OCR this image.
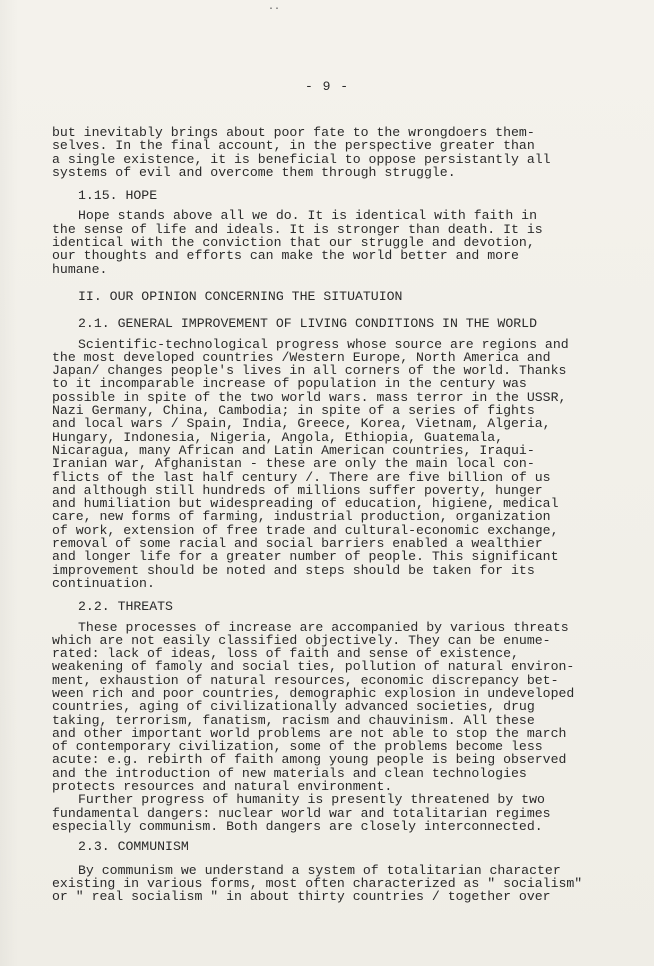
..
- 9 -
but inevitably brings about poor fate to the wrongdoers them-
selves. In the final account, in the perspective greater than
a single existence, it is beneficial to oppose persistantly all
systems of evil and overcome them through struggle.
1.15. HOPE
Hope stands above all we do. It is identical with faith in
the sense of life and ideals. It is stronger than death. It is
identical with the conviction that our struggle and devotion,
our thoughts and efforts can make the world better and more
humane.
II. OUR OPINION CONCERNING THE SITUATUION
2.1. GENERAL IMPROVEMENT OF LIVING CONDITIONS IN THE WORLD
Scientific-technological progress whose source are regions and
the most developed countries /Western Europe, North America and
Japan/ changes people's lives in all corners of the world. Thanks
to it incomparable increase of population in the century was
possible in spite of the two world wars. mass terror in the USSR,
Nazi Germany, China, Cambodia; in spite of a series of fights
and local wars / Spain, India, Greece, Korea, Vietnam, Algeria,
Hungary, Indonesia, Nigeria, Angola, Ethiopia, Guatemala,
Nicaragua, many African and Latin American countries, Iraqui-
Iranian war, Afghanistan - these are only the main local con-
flicts of the last half century /. There are five billion of us
and although still hundreds of millions suffer poverty, hunger
and humiliation but widespreading of education, higiene, medical
care, new forms of farming, industrial production, organization
of work, extension of free trade and cultural-economic exchange,
removal of some racial and social barriers enabled a wealthier
and longer life for a greater number of people. This significant
improvement should be noted and steps should be taken for its
continuation.
2.2. THREATS
These processes of increase are accompanied by various threats
which are not easily classified objectively. They can be enume-
rated: lack of ideas, loss of faith and sense of existence,
weakening of famoly and social ties, pollution of natural environ-
ment, exhaustion of natural resources, economic discrepancy bet-
ween rich and poor countries, demographic explosion in undeveloped
countries, aging of civilizationally advanced societies, drug
taking, terrorism, fanatism, racism and chauvinism. All these
and other important world problems are not able to stop the march
of contemporary civilization, some of the problems become less
acute: e.g. rebirth of faith among young people is being observed
and the introduction of new materials and clean technologies
protects resources and natural environment.
Further progress of humanity is presently threatened by two
fundamental dangers: nuclear world war and totalitarian regimes
especially communism. Both dangers are closely interconnected.
2.3. COMMUNISM
By communism we understand a system of totalitarian character
existing in various forms, most often characterized as " socialism"
or " real socialism " in about thirty countries / together over
